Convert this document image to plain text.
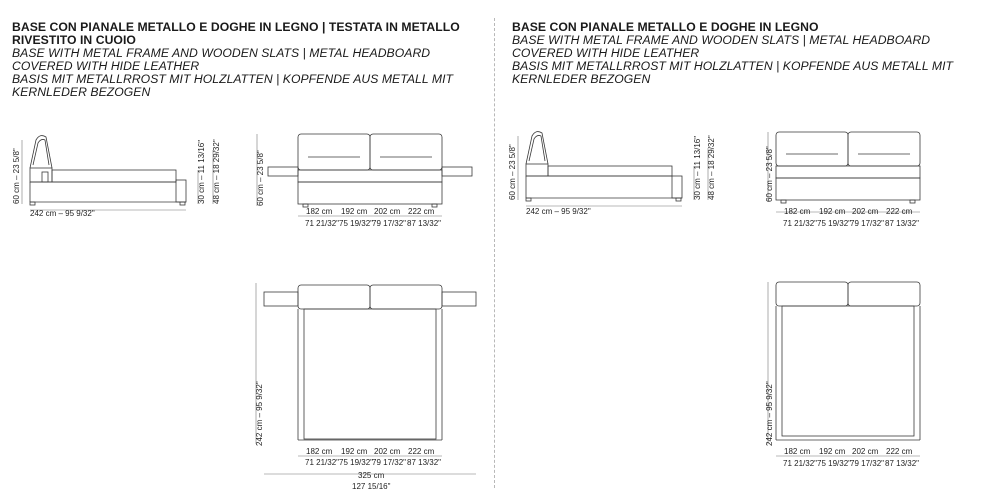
BASE CON PIANALE METALLO E DOGHE IN LEGNO | TESTATA IN METALLO RIVESTITO IN CUOIO
BASE WITH METAL FRAME AND WOODEN SLATS | METAL HEADBOARD COVERED WITH HIDE LEATHER
BASIS MIT METALLRROST MIT HOLZLATTEN | KOPFENDE AUS METALL MIT KERNLEDER BEZOGEN
60 cm – 23 5/8"
242 cm – 95 9/32"
30 cm – 11 13/16" 48 cm – 18 29/32"	60 cm – 23 5/8"
182 cm 192 cm 202 cm 222 cm
71 21/32" 75 19/32" 79 17/32" 87 13/32"
242 cm – 95 9/32"
182 cm 192 cm 202 cm 222 cm
71 21/32" 75 19/32" 79 17/32" 87 13/32"
325 cm
127 15/16"
BASE CON PIANALE METALLO E DOGHE IN LEGNO
BASE WITH METAL FRAME AND WOODEN SLATS | METAL HEADBOARD COVERED WITH HIDE LEATHER
BASIS MIT METALLRROST MIT HOLZLATTEN | KOPFENDE AUS METALL MIT KERNLEDER BEZOGEN
60 cm – 23 5/8"
242 cm – 95 9/32"
30 cm – 11 13/16" 48 cm – 18 29/32"	60 cm – 23 5/8"
182 cm 192 cm 202 cm 222 cm
71 21/32" 75 19/32" 79 17/32" 87 13/32"
242 cm – 95 9/32"
182 cm 192 cm 202 cm 222 cm
71 21/32" 75 19/32" 79 17/32" 87 13/32"
